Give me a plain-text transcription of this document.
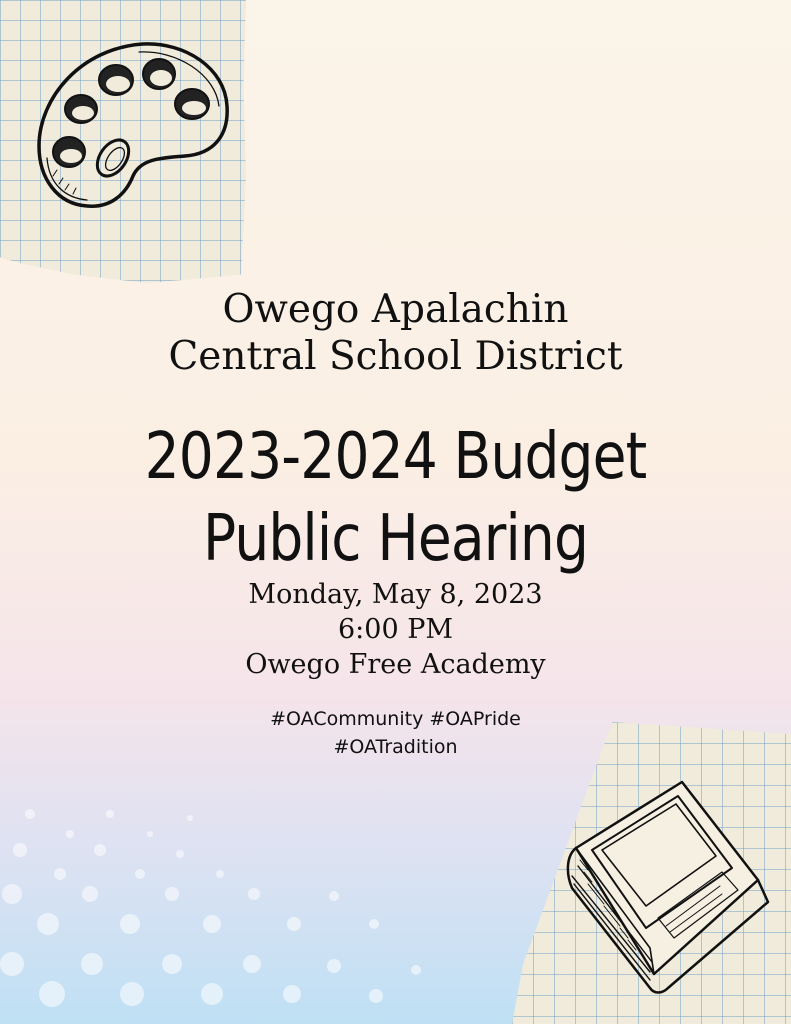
Owego Apalachin
Central School District
2023-2024 Budget
Public Hearing
Monday, May 8, 2023
6:00 PM
Owego Free Academy
#OACommunity #OAPride
#OATradition
